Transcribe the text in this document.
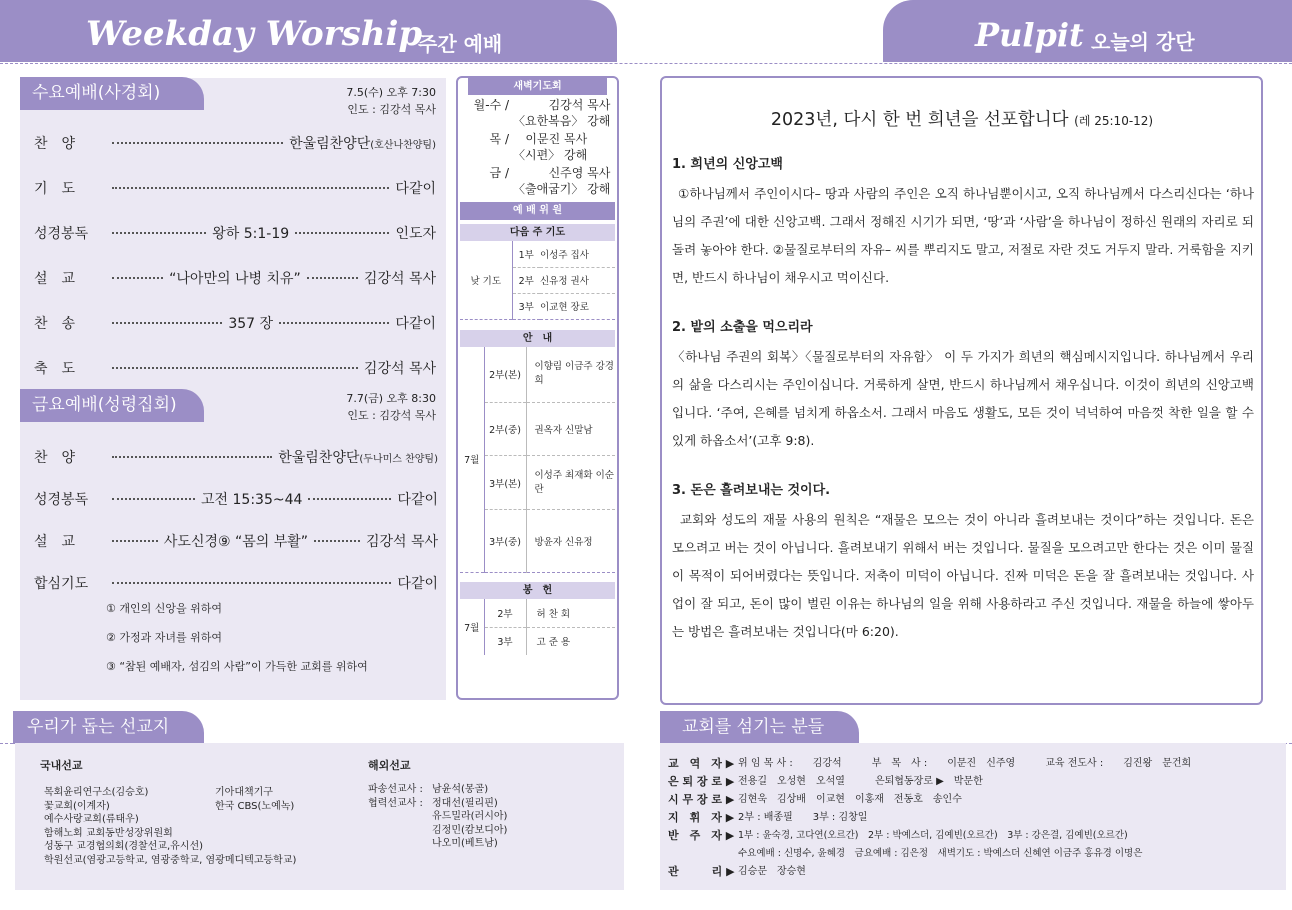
Weekday Worship
주간 예배	Pulpit 오늘의 강단
수요예배(사경회)	7.5(수) 오후 7:30
인도 : 김강석 목사
찬　양	한울림찬양단 (호산나찬양팀)
기　도	다같이
성경봉독	왕하 5:1-19	인도자
설　교	“나아만의 나병 치유”	김강석 목사
찬　송	357 장	다같이
축　도	김강석 목사
금요예배(성령집회)	7.7(금) 오후 8:30
인도 : 김강석 목사
찬　양	한울림찬양단 (두나미스 찬양팀)
성경봉독	고전 15:35~44	다같이
설　교	사도신경⑨ “몸의 부활”	김강석 목사
합심기도	다같이
① 개인의 신앙을 위하여
② 가정과 자녀를 위하여
③ “참된 예배자, 섬김의 사람”이 가득한 교회를 위하여
새벽기도회
월-수 /	김강석 목사
〈요한복음〉 강해
목 /	이문진 목사
〈시편〉 강해
금 /	신주영 목사
〈출애굽기〉 강해
예 배 위 원
다음 주 기도
낮 기도	1부	이성주 집사
	2부	신유정 권사
	3부	이교현 장로
안　내
7월	2부(본)	이향림 이금주 강경희
	2부(중)	권옥자 신말남
	3부(본)	이성주 최재화 이순란
	3부(중)	방윤자 신유정
봉　헌
7월	2부	허 찬 회
	3부	고 준 용
2023년, 다시 한 번 희년을 선포합니다 (레 25:10-12)
1. 희년의 신앙고백
①하나님께서 주인이시다– 땅과 사람의 주인은 오직 하나님뿐이시고, 오직 하나님께서 다스리신다는 ‘하나님의 주권’에 대한 신앙고백. 그래서 정해진 시기가 되면, ‘땅’과 ‘사람’을 하나님이 정하신 원래의 자리로 되돌려 놓아야 한다. ②물질로부터의 자유– 씨를 뿌리지도 말고, 저절로 자란 것도 거두지 말라. 거룩함을 지키면, 반드시 하나님이 채우시고 먹이신다.
2. 밭의 소출을 먹으리라
〈하나님 주권의 회복〉〈물질로부터의 자유함〉 이 두 가지가 희년의 핵심메시지입니다. 하나님께서 우리의 삶을 다스리시는 주인이십니다. 거룩하게 살면, 반드시 하나님께서 채우십니다. 이것이 희년의 신앙고백입니다. ‘주여, 은혜를 넘치게 하옵소서. 그래서 마음도 생활도, 모든 것이 넉넉하여 마음껏 착한 일을 할 수 있게 하옵소서’(고후 9:8).
3. 돈은 흘려보내는 것이다.
교회와 성도의 재물 사용의 원칙은 “재물은 모으는 것이 아니라 흘려보내는 것이다”하는 것입니다. 돈은 모으려고 버는 것이 아닙니다. 흘려보내기 위해서 버는 것입니다. 물질을 모으려고만 한다는 것은 이미 물질이 목적이 되어버렸다는 뜻입니다. 저축이 미덕이 아닙니다. 진짜 미덕은 돈을 잘 흘려보내는 것입니다. 사업이 잘 되고, 돈이 많이 벌린 이유는 하나님의 일을 위해 사용하라고 주신 것입니다. 재물을 하늘에 쌓아두는 방법은 흘려보내는 것입니다(마 6:20).
우리가 돕는 선교지	교회를 섬기는 분들
국내선교
목회윤리연구소(김승호)
꽃교회(이계자)
예수사랑교회(류태우)
함해노회 교회동반성장위원회
성동구 교경협의회(경찰선교,유시선)
학원선교(염광고등학교, 염광중학교, 염광메디텍고등학교)
기아대책기구
한국 CBS(노예녹)
해외선교
파송선교사 : 남윤석(몽골)
협력선교사 : 정대선(필리핀)
유드밀라(러시아)
김정민(캄보디아)
나오미(베트남)
교　역　자 ▶ 위 임 목 사 :　　김강석　　　부　목　사 :　　이문진　신주영　　　교육 전도사 :　　김진왕　문건희
은 퇴 장 로 ▶ 전용길　오성현　오석열　　　은퇴협동장로 ▶　박문한
시 무 장 로 ▶ 김현욱　김상배　이교현　이홍재　전동호　송인수
지　휘　자 ▶ 2부 : 배종필　　3부 : 김창일
반　주　자 ▶ 1부 : 윤숙경, 고다연(오르간)　2부 : 박예스더, 김예빈(오르간)　3부 : 강은결, 김예빈(오르간)
수요예배 : 신명수, 윤혜경　금요예배 : 김은정　새벽기도 : 박예스더 신혜연 이금주 홍유경 이명은
관　　　리 ▶ 김승문　장승현
